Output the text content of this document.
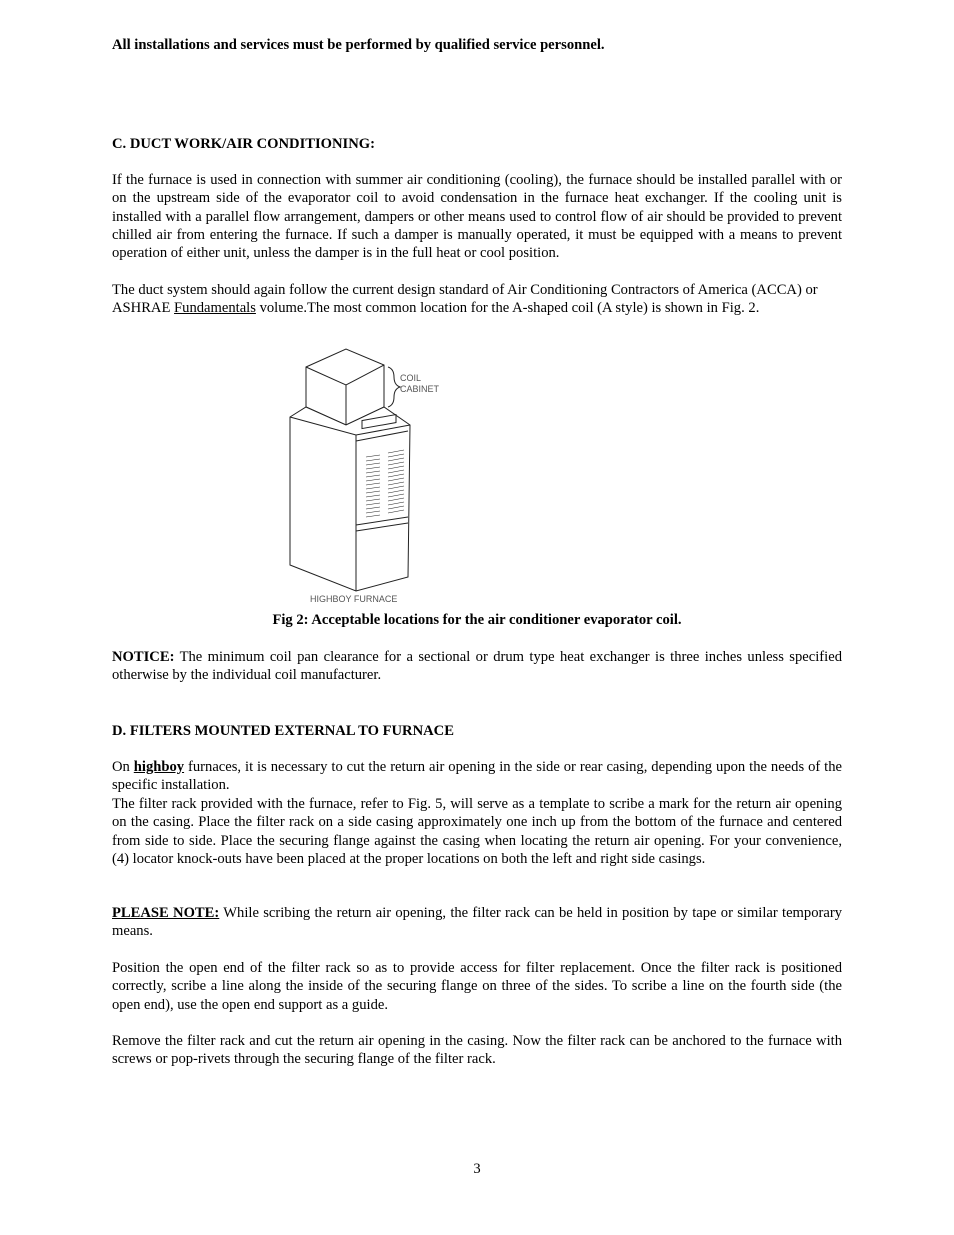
All installations and services must be performed by qualified service personnel.
C. DUCT WORK/AIR CONDITIONING:
If the furnace is used in connection with summer air conditioning (cooling), the furnace should be installed parallel with or on the upstream side of the evaporator coil to avoid condensation in the furnace heat exchanger. If the cooling unit is installed with a parallel flow arrangement, dampers or other means used to control flow of air should be provided to prevent chilled air from entering the furnace. If such a damper is manually operated, it must be equipped with a means to prevent operation of either unit, unless the damper is in the full heat or cool position.
The duct system should again follow the current design standard of Air Conditioning Contractors of America (ACCA) or ASHRAE Fundamentals volume.The most common location for the A-shaped coil (A style) is shown in Fig. 2.
COIL
CABINET
HIGHBOY FURNACE
Fig 2: Acceptable locations for the air conditioner evaporator coil.
NOTICE: The minimum coil pan clearance for a sectional or drum type heat exchanger is three inches unless specified otherwise by the individual coil manufacturer.
D. FILTERS MOUNTED EXTERNAL TO FURNACE
On highboy furnaces, it is necessary to cut the return air opening in the side or rear casing, depending upon the needs of the specific installation.
The filter rack provided with the furnace, refer to Fig. 5, will serve as a template to scribe a mark for the return air opening on the casing. Place the filter rack on a side casing approximately one inch up from the bottom of the furnace and centered from side to side. Place the securing flange against the casing when locating the return air opening. For your convenience, (4) locator knock-outs have been placed at the proper locations on both the left and right side casings.
PLEASE NOTE: While scribing the return air opening, the filter rack can be held in position by tape or similar temporary means.
Position the open end of the filter rack so as to provide access for filter replacement. Once the filter rack is positioned correctly, scribe a line along the inside of the securing flange on three of the sides. To scribe a line on the fourth side (the open end), use the open end support as a guide.
Remove the filter rack and cut the return air opening in the casing. Now the filter rack can be anchored to the furnace with screws or pop-rivets through the securing flange of the filter rack.
3
